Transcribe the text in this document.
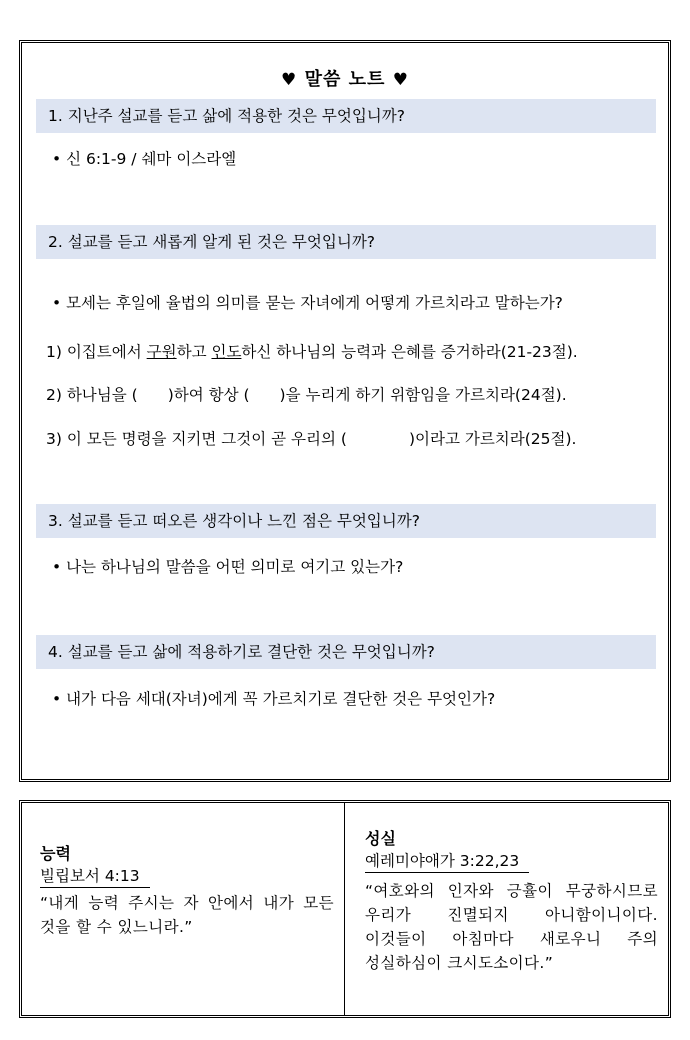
♥ 말씀 노트 ♥
1. 지난주 설교를 듣고 삶에 적용한 것은 무엇입니까?
• 신 6:1-9 / 쉐마 이스라엘
2. 설교를 듣고 새롭게 알게 된 것은 무엇입니까?
• 모세는 후일에 율법의 의미를 묻는 자녀에게 어떻게 가르치라고 말하는가?
1) 이집트에서 구원하고 인도하신 하나님의 능력과 은혜를 증거하라(21-23절).
2) 하나님을 ( )하여 항상 ( )을 누리게 하기 위함임을 가르치라(24절).
3) 이 모든 명령을 지키면 그것이 곧 우리의 (	)이라고 가르치라(25절).
3. 설교를 듣고 떠오른 생각이나 느낀 점은 무엇입니까?
• 나는 하나님의 말씀을 어떤 의미로 여기고 있는가?
4. 설교를 듣고 삶에 적용하기로 결단한 것은 무엇입니까?
• 내가 다음 세대(자녀)에게 꼭 가르치기로 결단한 것은 무엇인가?
능력
빌립보서 4:13
“내게 능력 주시는 자 안에서 내가 모든 것을 할 수 있느니라.”
성실
예레미야애가 3:22,23
“여호와의 인자와 긍휼이 무궁하시므로 우리가 진멸되지 아니함이니이다. 이것들이 아침마다 새로우니 주의 성실하심이 크시도소이다.”
